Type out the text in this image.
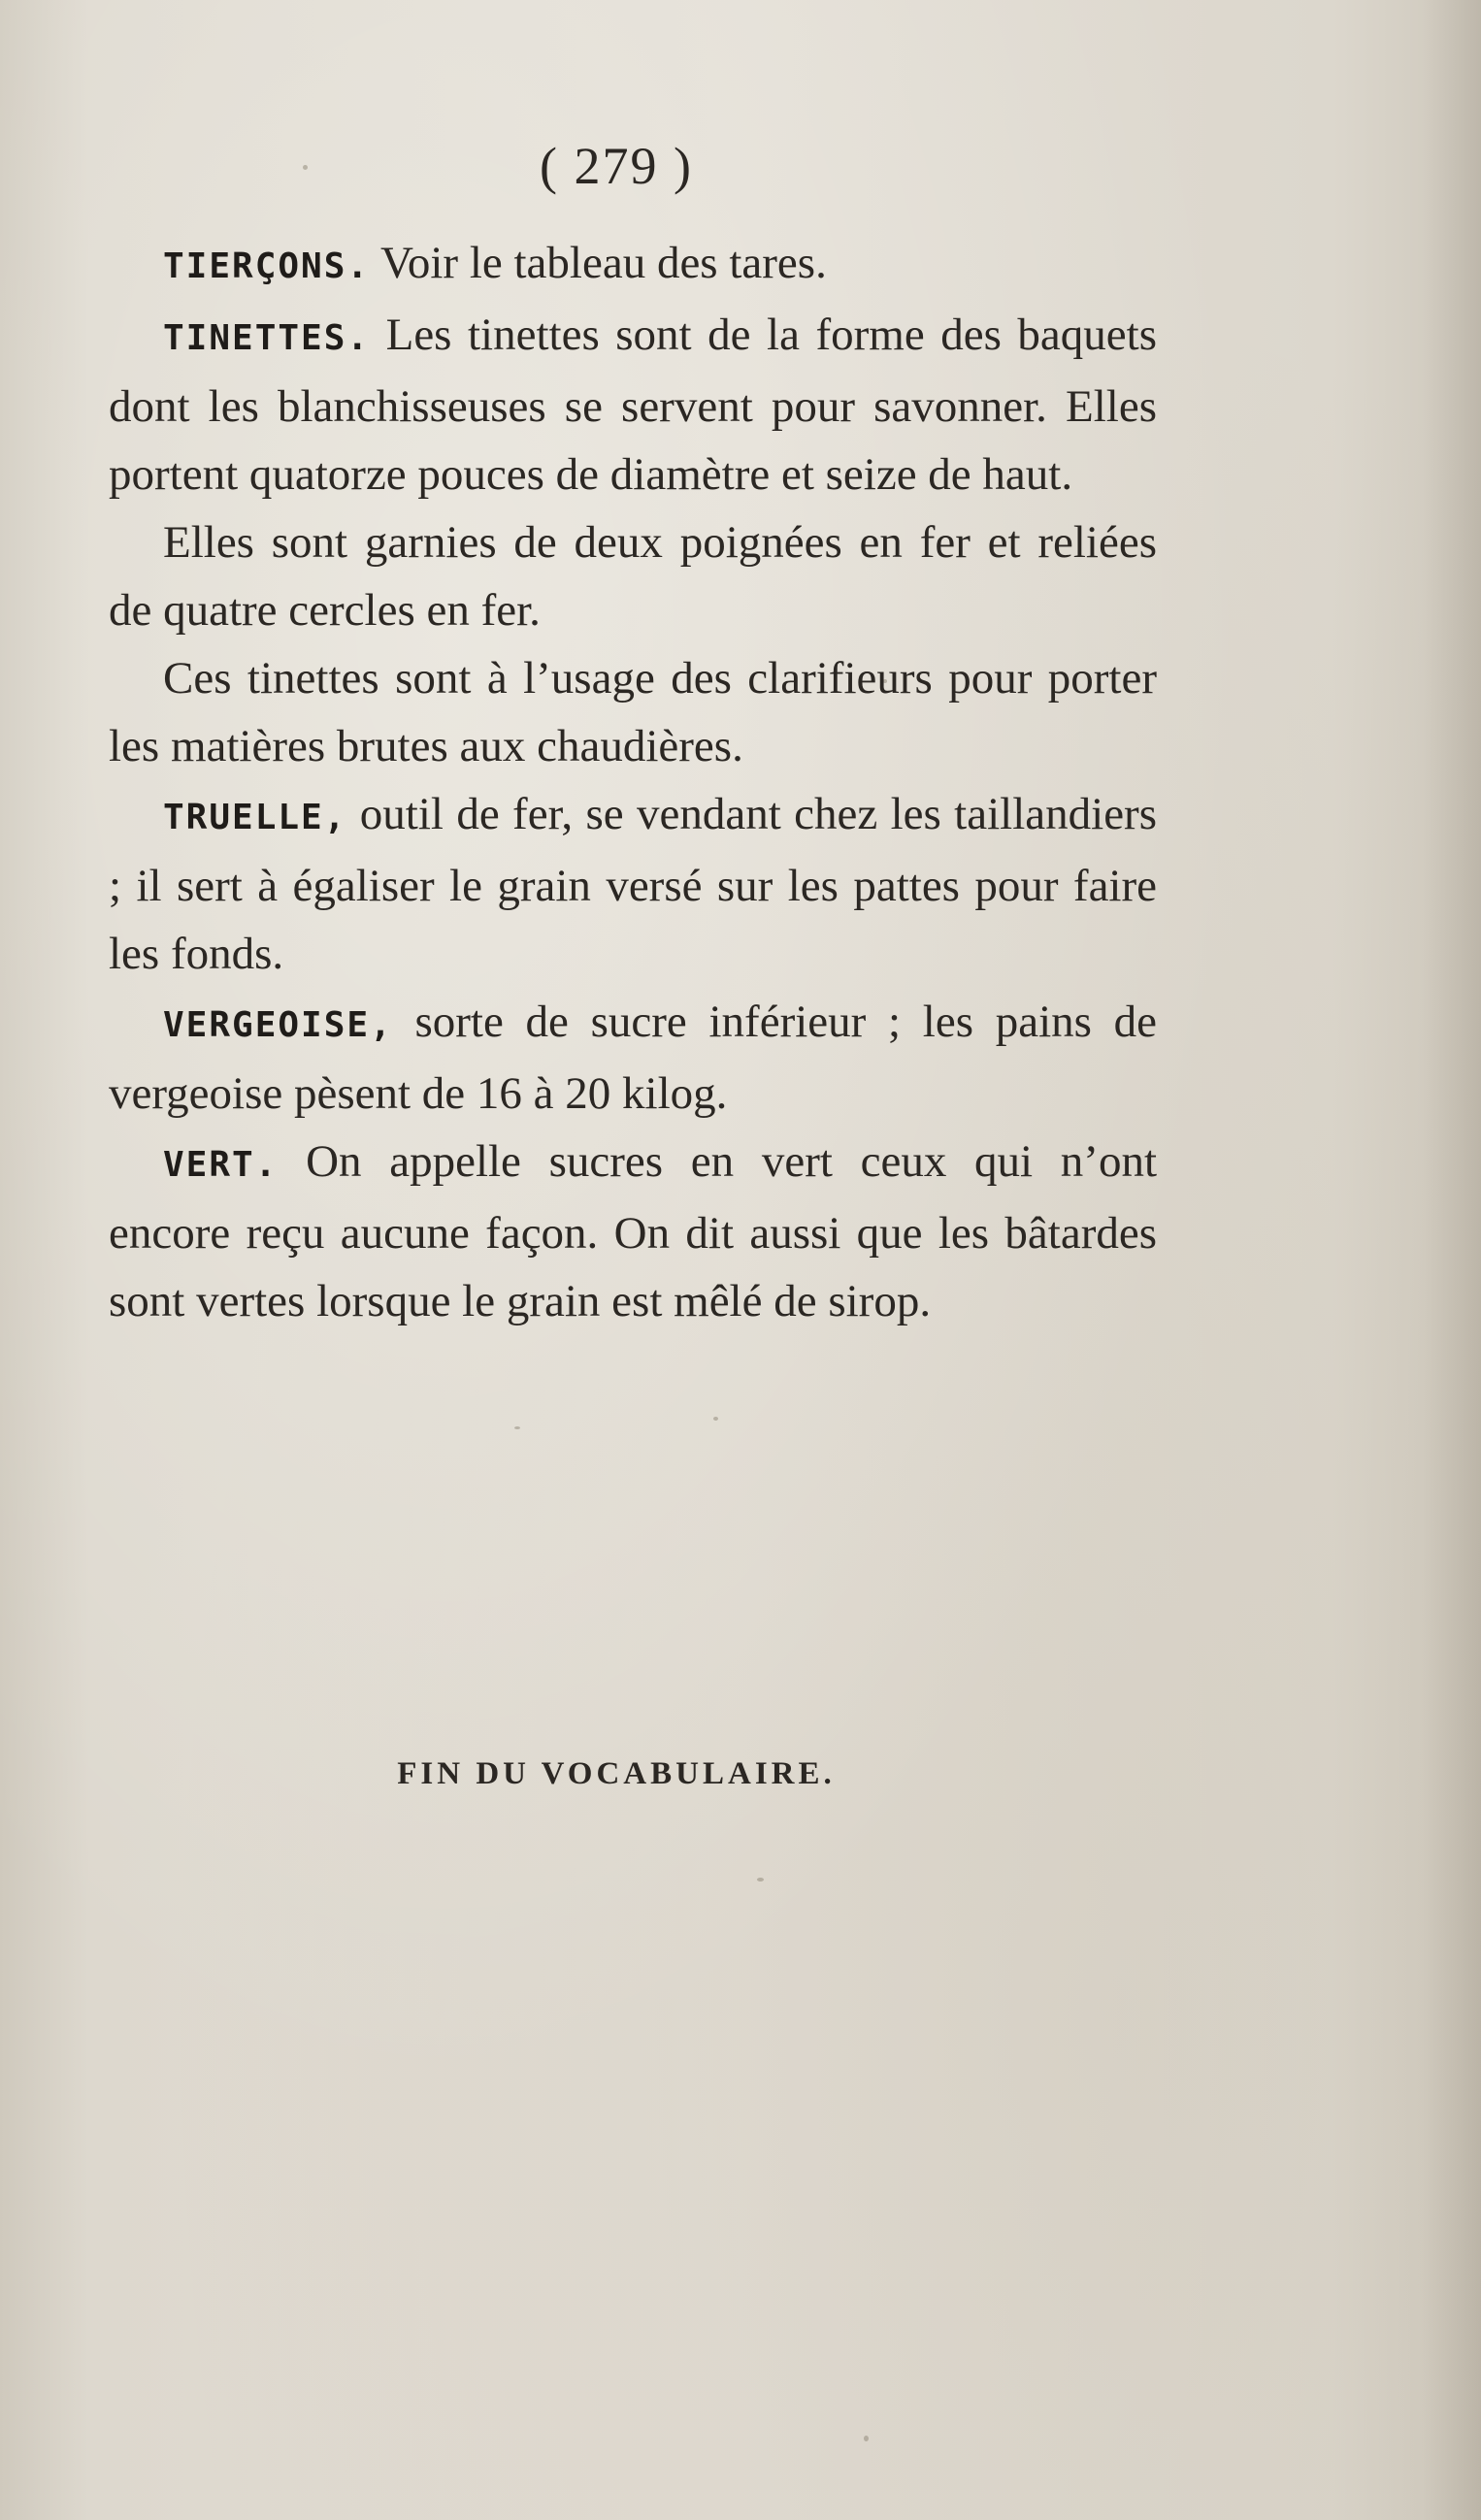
( 279 )

TIERÇONS. Voir le tableau des tares.

TINETTES. Les tinettes sont de la forme des baquets dont les blanchisseuses se servent pour savonner. Elles portent quatorze pouces de diamètre et seize de haut.

Elles sont garnies de deux poignées en fer et reliées de quatre cercles en fer.

Ces tinettes sont à l’usage des clarifieurs pour porter les matières brutes aux chaudières.

TRUELLE, outil de fer, se vendant chez les taillandiers ; il sert à égaliser le grain versé sur les pattes pour faire les fonds.

VERGEOISE, sorte de sucre inférieur ; les pains de vergeoise pèsent de 16 à 20 kilog.

VERT. On appelle sucres en vert ceux qui n’ont encore reçu aucune façon. On dit aussi que les bâtardes sont vertes lorsque le grain est mêlé de sirop.

FIN DU VOCABULAIRE.
